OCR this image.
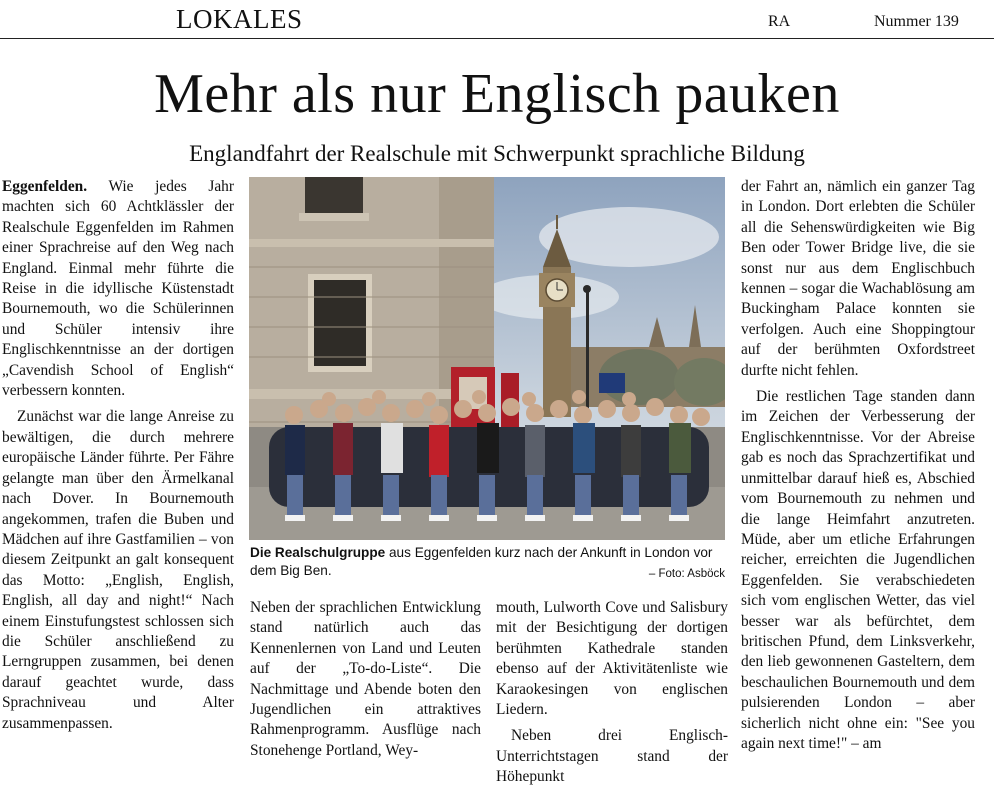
LOKALES	RA	Nummer 139
Mehr als nur Englisch pauken
Englandfahrt der Realschule mit Schwerpunkt sprachliche Bildung

Eggenfelden. Wie jedes Jahr machten sich 60 Achtklässler der Realschule Eggenfelden im Rahmen einer Sprachreise auf den Weg nach England. Einmal mehr führte die Reise in die idyllische Küstenstadt Bournemouth, wo die Schülerinnen und Schüler intensiv ihre Englischkenntnisse an der dortigen „Cavendish School of English“ verbessern konnten.

Zunächst war die lange Anreise zu bewältigen, die durch mehrere europäische Länder führte. Per Fähre gelangte man über den Ärmelkanal nach Dover. In Bournemouth angekommen, trafen die Buben und Mädchen auf ihre Gastfamilien – von diesem Zeitpunkt an galt konsequent das Motto: „English, English, English, all day and night!“ Nach einem Einstufungstest schlossen sich die Schüler anschließend zu Lerngruppen zusammen, bei denen darauf geachtet wurde, dass Sprachniveau und Alter zusammenpassen.

Die Realschulgruppe aus Eggenfelden kurz nach der Ankunft in London vor dem Big Ben.	– Foto: Asböck

Neben der sprachlichen Entwicklung stand natürlich auch das Kennenlernen von Land und Leuten auf der „To-do-Liste“. Die Nachmittage und Abende boten den Jugendlichen ein attraktives Rahmenprogramm. Ausflüge nach Stonehenge Portland, Wey-

mouth, Lulworth Cove und Salisbury mit der Besichtigung der dortigen berühmten Kathedrale standen ebenso auf der Aktivitätenliste wie Karaokesingen von englischen Liedern.

Neben drei Englisch-Unterrichtstagen stand der Höhepunkt

der Fahrt an, nämlich ein ganzer Tag in London. Dort erlebten die Schüler all die Sehenswürdigkeiten wie Big Ben oder Tower Bridge live, die sie sonst nur aus dem Englischbuch kennen – sogar die Wachablösung am Buckingham Palace konnten sie verfolgen. Auch eine Shoppingtour auf der berühmten Oxfordstreet durfte nicht fehlen.

Die restlichen Tage standen dann im Zeichen der Verbesserung der Englischkenntnisse. Vor der Abreise gab es noch das Sprachzertifikat und unmittelbar darauf hieß es, Abschied vom Bournemouth zu nehmen und die lange Heimfahrt anzutreten. Müde, aber um etliche Erfahrungen reicher, erreichten die Jugendlichen Eggenfelden. Sie verabschiedeten sich vom englischen Wetter, das viel besser war als befürchtet, dem britischen Pfund, dem Linksverkehr, den lieb gewonnenen Gasteltern, dem beschaulichen Bournemouth und dem pulsierenden London – aber sicherlich nicht ohne ein: "See you again next time!" – am
